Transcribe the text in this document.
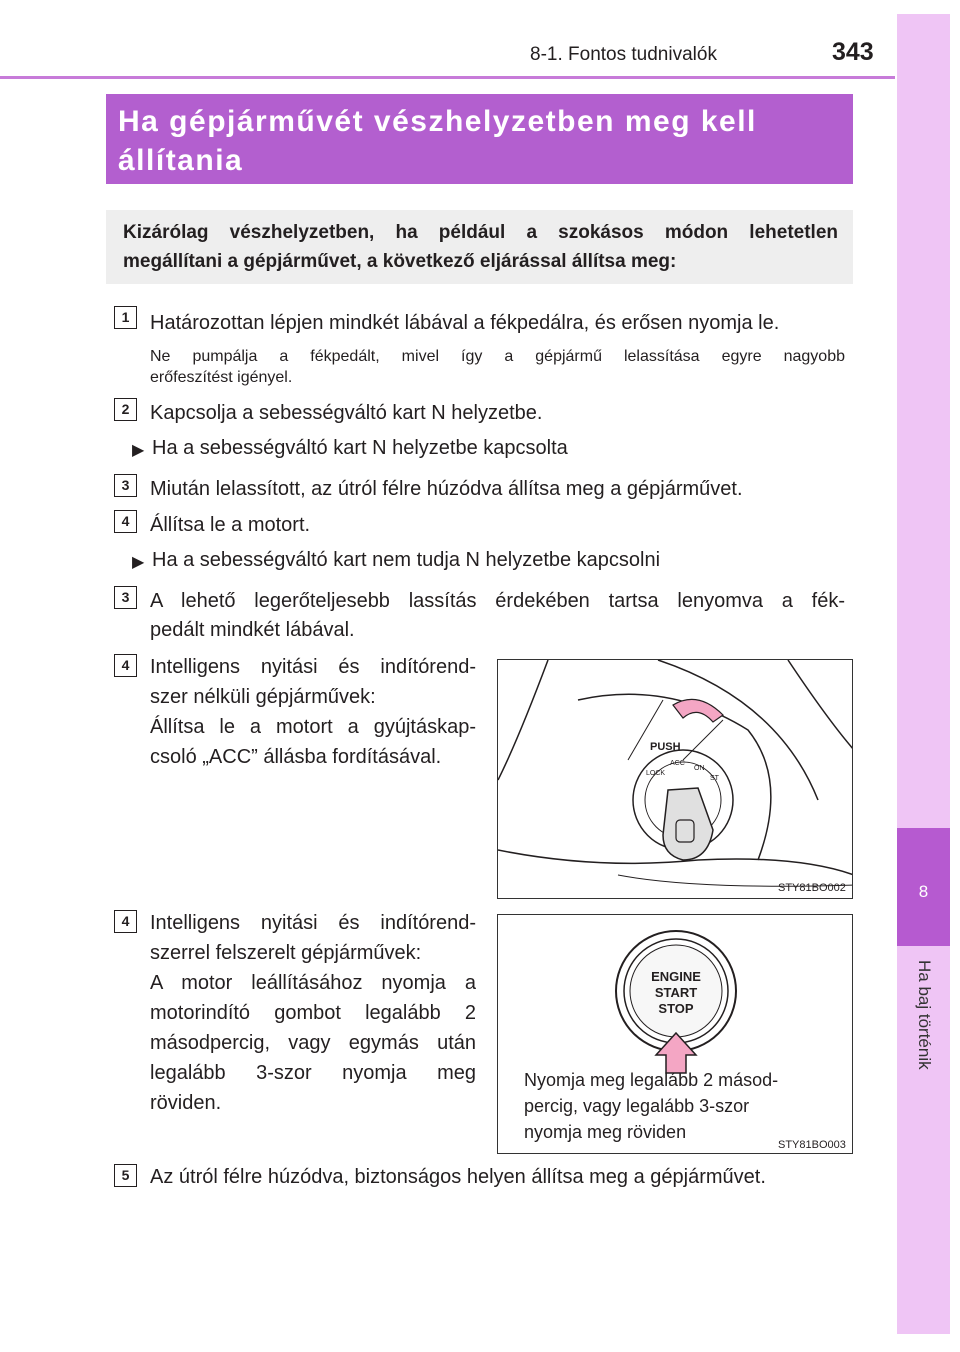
8-1. Fontos tudnivalók	343
8
Ha baj történik
Ha gépjárművét vészhelyzetben meg kell
állítania
Kizárólag vészhelyzetben, ha például a szokásos módon lehetetlen
megállítani a gépjárművet, a következő eljárással állítsa meg:
1	Határozottan lépjen mindkét lábával a fékpedálra, és erősen nyomja le.
Ne pumpálja a fékpedált, mivel így a gépjármű lelassítása egyre nagyobb
erőfeszítést igényel.
2	Kapcsolja a sebességváltó kart N helyzetbe.
▶ Ha a sebességváltó kart N helyzetbe kapcsolta
3	Miután lelassított, az útról félre húzódva állítsa meg a gépjárművet.
4	Állítsa le a motort.
▶ Ha a sebességváltó kart nem tudja N helyzetbe kapcsolni
3	A lehető legerőteljesebb lassítás érdekében tartsa lenyomva a fék-
pedált mindkét lábával.
4	Intelligens nyitási és indítórend-
szer nélküli gépjárművek:
Állítsa le a motort a gyújtáskap-
csoló „ACC” állásba fordításával.	PUSH
LOCK
ACC
ON
ST
STY81BO002
4	Intelligens nyitási és indítórend-
szerrel felszerelt gépjárművek:
A motor leállításához nyomja a
motorindító gombot legalább 2
másodpercig, vagy egymás után
legalább 3-szor nyomja meg
röviden.
ENGINE
START
STOP
Nyomja meg legalább 2 másod-
percig, vagy legalább 3-szor
nyomja meg röviden
STY81BO003
5	Az útról félre húzódva, biztonságos helyen állítsa meg a gépjárművet.
